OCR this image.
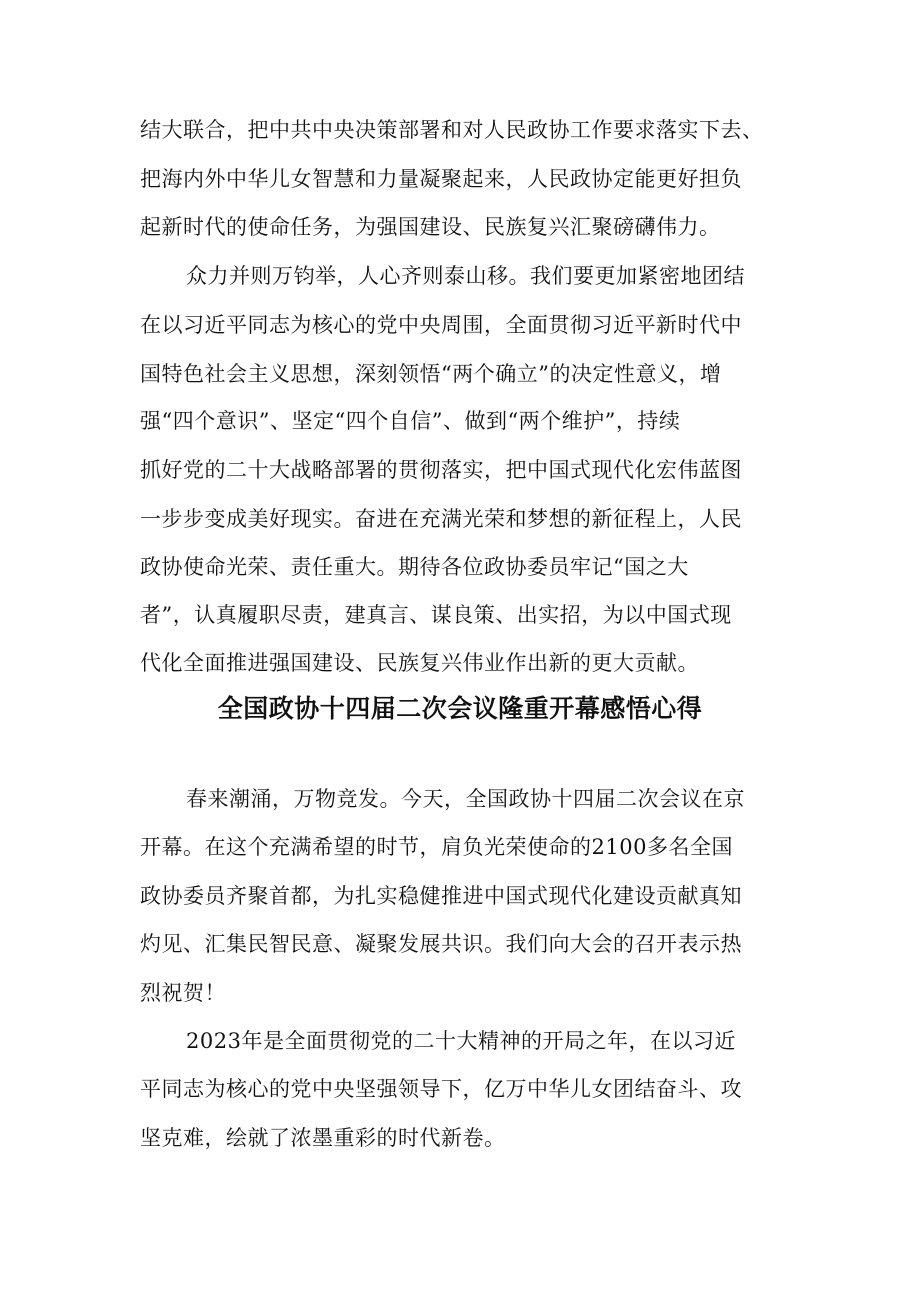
结大联合，把中共中央决策部署和对人民政协工作要求落实下去、
把海内外中华儿女智慧和力量凝聚起来，人民政协定能更好担负
起新时代的使命任务，为强国建设、民族复兴汇聚磅礴伟力。
众力并则万钧举，人心齐则泰山移。我们要更加紧密地团结
在以习近平同志为核心的党中央周围，全面贯彻习近平新时代中
国特色社会主义思想，深刻领悟“两个确立”的决定性意义，增
强“四个意识”、坚定“四个自信”、做到“两个维护”，持续
抓好党的二十大战略部署的贯彻落实，把中国式现代化宏伟蓝图
一步步变成美好现实。奋进在充满光荣和梦想的新征程上，人民
政协使命光荣、责任重大。期待各位政协委员牢记“国之大
者”，认真履职尽责，建真言、谋良策、出实招，为以中国式现
代化全面推进强国建设、民族复兴伟业作出新的更大贡献。
全国政协十四届二次会议隆重开幕感悟心得
春来潮涌，万物竞发。今天，全国政协十四届二次会议在京
开幕。在这个充满希望的时节，肩负光荣使命的2100多名全国
政协委员齐聚首都，为扎实稳健推进中国式现代化建设贡献真知
灼见、汇集民智民意、凝聚发展共识。我们向大会的召开表示热
烈祝贺！
2023年是全面贯彻党的二十大精神的开局之年，在以习近
平同志为核心的党中央坚强领导下，亿万中华儿女团结奋斗、攻
坚克难，绘就了浓墨重彩的时代新卷。
